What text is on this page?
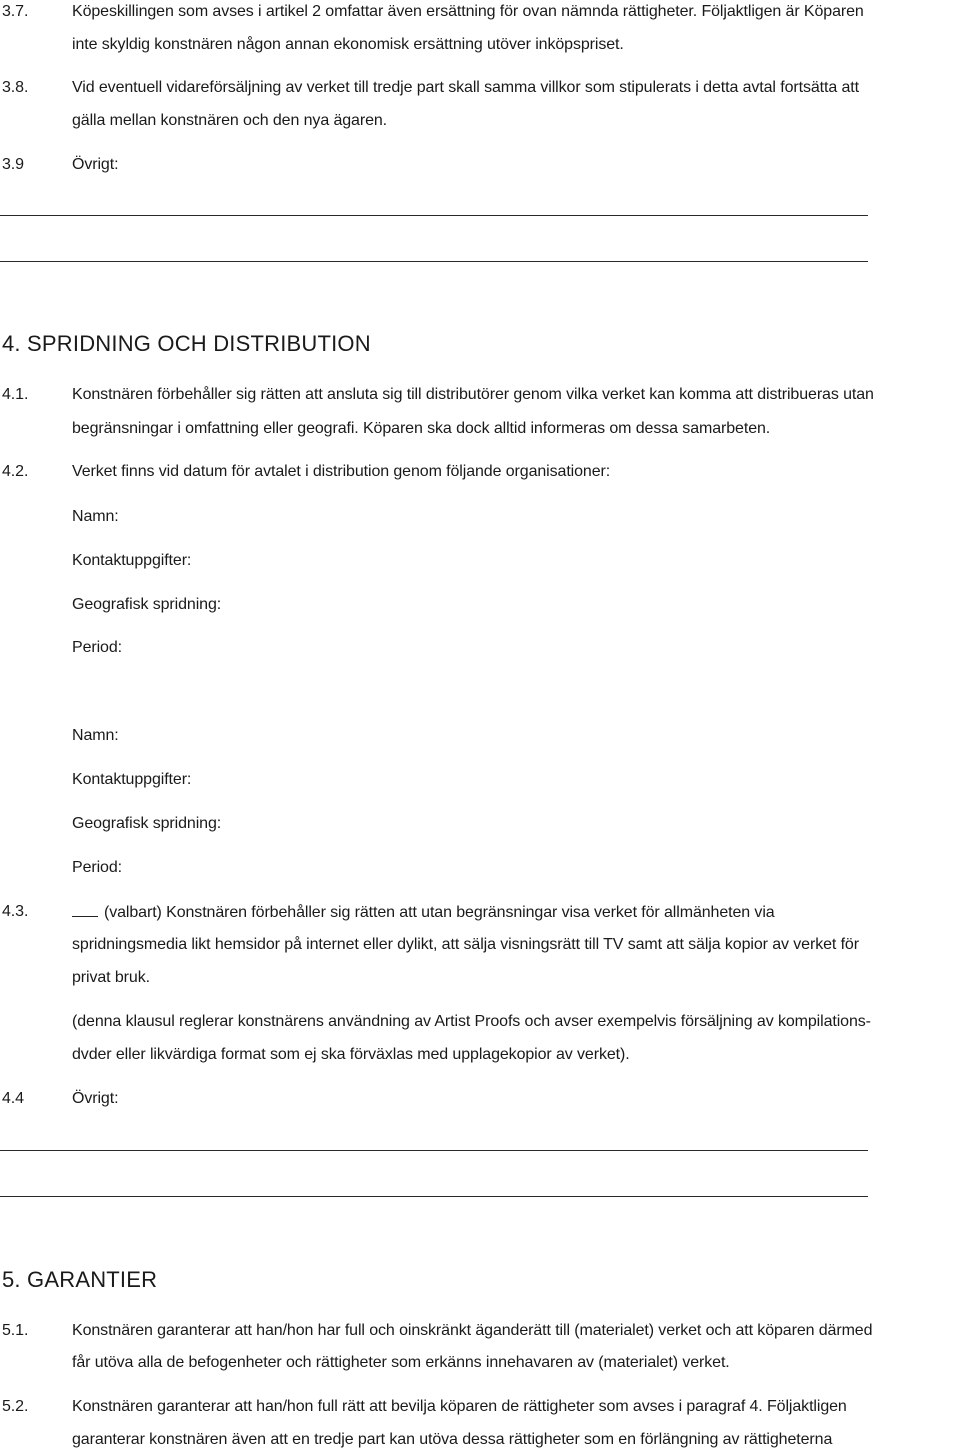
3.7.	Köpeskillingen som avses i artikel 2 omfattar även ersättning för ovan nämnda rättigheter. Följaktligen är Köparen
inte skyldig konstnären någon annan ekonomisk ersättning utöver inköpspriset.
3.8.	Vid eventuell vidareförsäljning av verket till tredje part skall samma villkor som stipulerats i detta avtal fortsätta att
gälla mellan konstnären och den nya ägaren.
3.9	Övrigt:
4. SPRIDNING OCH DISTRIBUTION
4.1.	Konstnären förbehåller sig rätten att ansluta sig till distributörer genom vilka verket kan komma att distribueras utan
begränsningar i omfattning eller geografi. Köparen ska dock alltid informeras om dessa samarbeten.
4.2.	Verket finns vid datum för avtalet i distribution genom följande organisationer:
Namn:
Kontaktuppgifter:
Geografisk spridning:
Period:
Namn:
Kontaktuppgifter:
Geografisk spridning:
Period:
4.3.	(valbart) Konstnären förbehåller sig rätten att utan begränsningar visa verket för allmänheten via
spridningsmedia likt hemsidor på internet eller dylikt, att sälja visningsrätt till TV samt att sälja kopior av verket för
privat bruk.
(denna klausul reglerar konstnärens användning av Artist Proofs och avser exempelvis försäljning av kompilations-
dvder eller likvärdiga format som ej ska förväxlas med upplagekopior av verket).
4.4	Övrigt:
5. GARANTIER
5.1.	Konstnären garanterar att han/hon har full och oinskränkt äganderätt till (materialet) verket och att köparen därmed
får utöva alla de befogenheter och rättigheter som erkänns innehavaren av (materialet) verket.
5.2.	Konstnären garanterar att han/hon full rätt att bevilja köparen de rättigheter som avses i paragraf 4. Följaktligen
garanterar konstnären även att en tredje part kan utöva dessa rättigheter som en förlängning av rättigheterna
